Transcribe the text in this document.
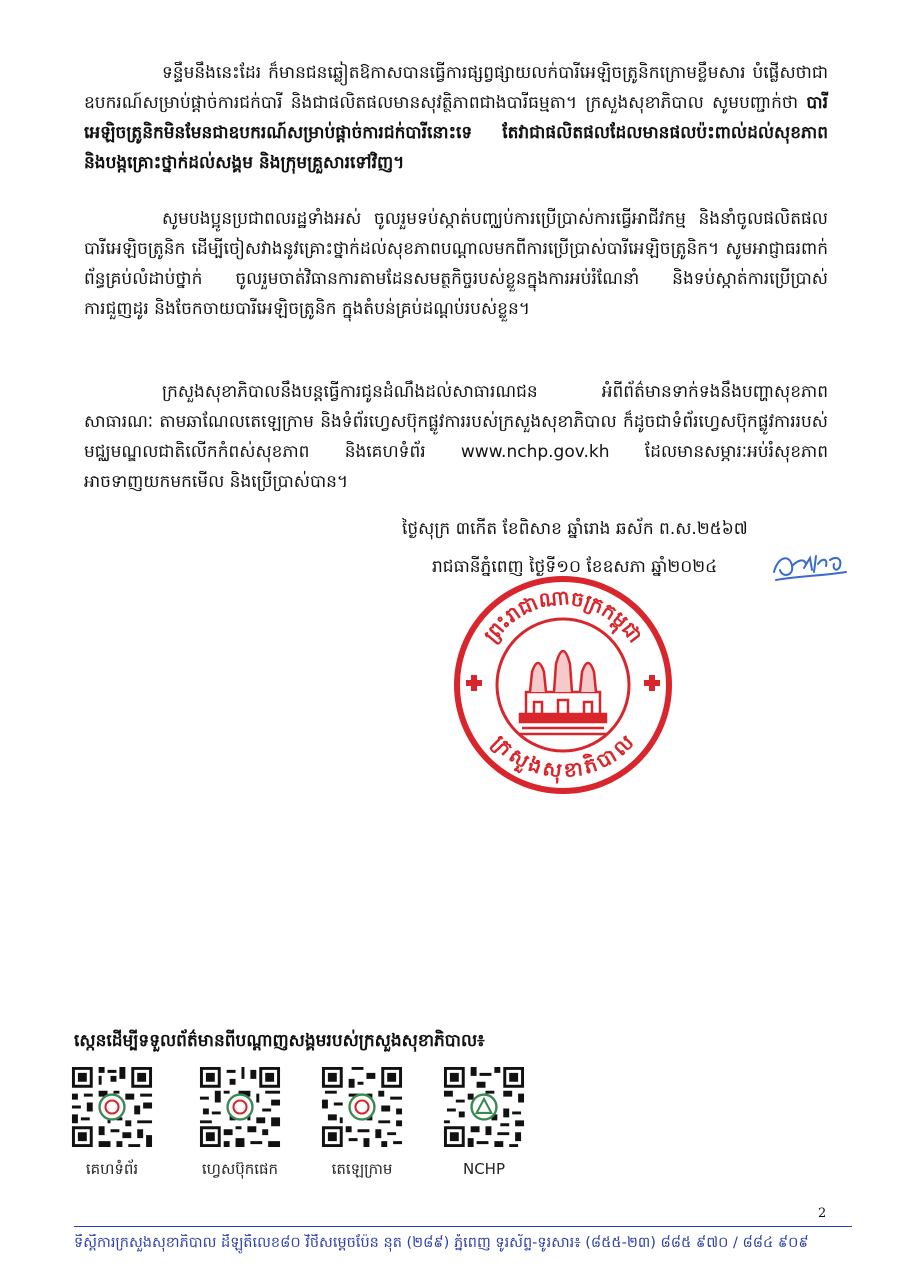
ទន្ទឹមនឹងនេះដែរ ក៏មានជនឆ្លៀតឱកាសបានធ្វើការផ្សព្វផ្សាយលក់បារីអេឡិចត្រូនិកក្រោមខ្លឹមសារ បំផ្លើសថាជាឧបករណ៍សម្រាប់ផ្តាច់ការជក់បារី និងជាផលិតផលមានសុវត្ថិភាពជាងបារីធម្មតា។ ក្រសួងសុខាភិបាល សូមបញ្ជាក់ថា បារីអេឡិចត្រូនិកមិនមែនជាឧបករណ៍សម្រាប់ផ្តាច់ការជក់បារីនោះទេ តែវាជាផលិតផលដែលមានផលប៉ះពាល់ដល់សុខភាព និងបង្កគ្រោះថ្នាក់ដល់សង្គម និងក្រុមគ្រួសារទៅវិញ។

សូមបងប្អូនប្រជាពលរដ្ឋទាំងអស់ ចូលរួមទប់ស្កាត់បញ្ឈប់ការប្រើប្រាស់ការធ្វើអាជីវកម្ម និងនាំចូលផលិតផលបារីអេឡិចត្រូនិក ដើម្បីចៀសវាងនូវគ្រោះថ្នាក់ដល់សុខភាពបណ្តាលមកពីការប្រើប្រាស់បារីអេឡិចត្រូនិក។ សូមអាជ្ញាធរពាក់ព័ន្ធគ្រប់លំដាប់ថ្នាក់ ចូលរួមចាត់វិធានការតាមដែនសមត្ថកិច្ចរបស់ខ្លួនក្នុងការអប់រំណែនាំ និងទប់ស្កាត់ការប្រើប្រាស់ការជួញដូរ និងចែកចាយបារីអេឡិចត្រូនិក ក្នុងតំបន់គ្រប់ដណ្តប់របស់ខ្លួន។

ក្រសួងសុខាភិបាលនឹងបន្តធ្វើការជូនដំណឹងដល់សាធារណជន អំពីព័ត៌មានទាក់ទងនឹងបញ្ហាសុខភាពសាធារណៈ តាមឆាណែលតេឡេក្រាម និងទំព័រហ្វេសប៊ុកផ្លូវការរបស់ក្រសួងសុខាភិបាល ក៏ដូចជាទំព័រហ្វេសប៊ុកផ្លូវការរបស់មជ្ឈមណ្ឌលជាតិលើកកំពស់សុខភាព និងគេហទំព័រ www.nchp.gov.kh ដែលមានសម្ភារៈអប់រំសុខភាព អាចទាញយកមកមើល និងប្រើប្រាស់បាន។

ថ្ងៃសុក្រ ៣កើត ខែពិសាខ ឆ្នាំរោង ឆស័ក ព.ស.២៥៦៧
រាជធានីភ្នំពេញ ថ្ងៃទី១០ ខែឧសភា ឆ្នាំ២០២៤
ព្រះរាជាណាចក្រកម្ពុជា
ក្រសួងសុខាភិបាល
ស្កេនដើម្បីទទួលព័ត៌មានពីបណ្តាញសង្គមរបស់ក្រសួងសុខាភិបាល៖
គេហទំព័រ	ហ្វេសប៊ុកផេក	តេឡេក្រាម	NCHP
2
ទីស្តីការក្រសួងសុខាភិបាល ដីឡូតិ៍លេខ៨០ វិថីសម្តេចប៉ែន នុត (២៨៩) ភ្នំពេញ ទូរស័ព្ទ-ទូរសារ៖ (៨៥៥-២៣) ៨៨៥ ៩៧០ / ៨៨៤ ៩០៩
